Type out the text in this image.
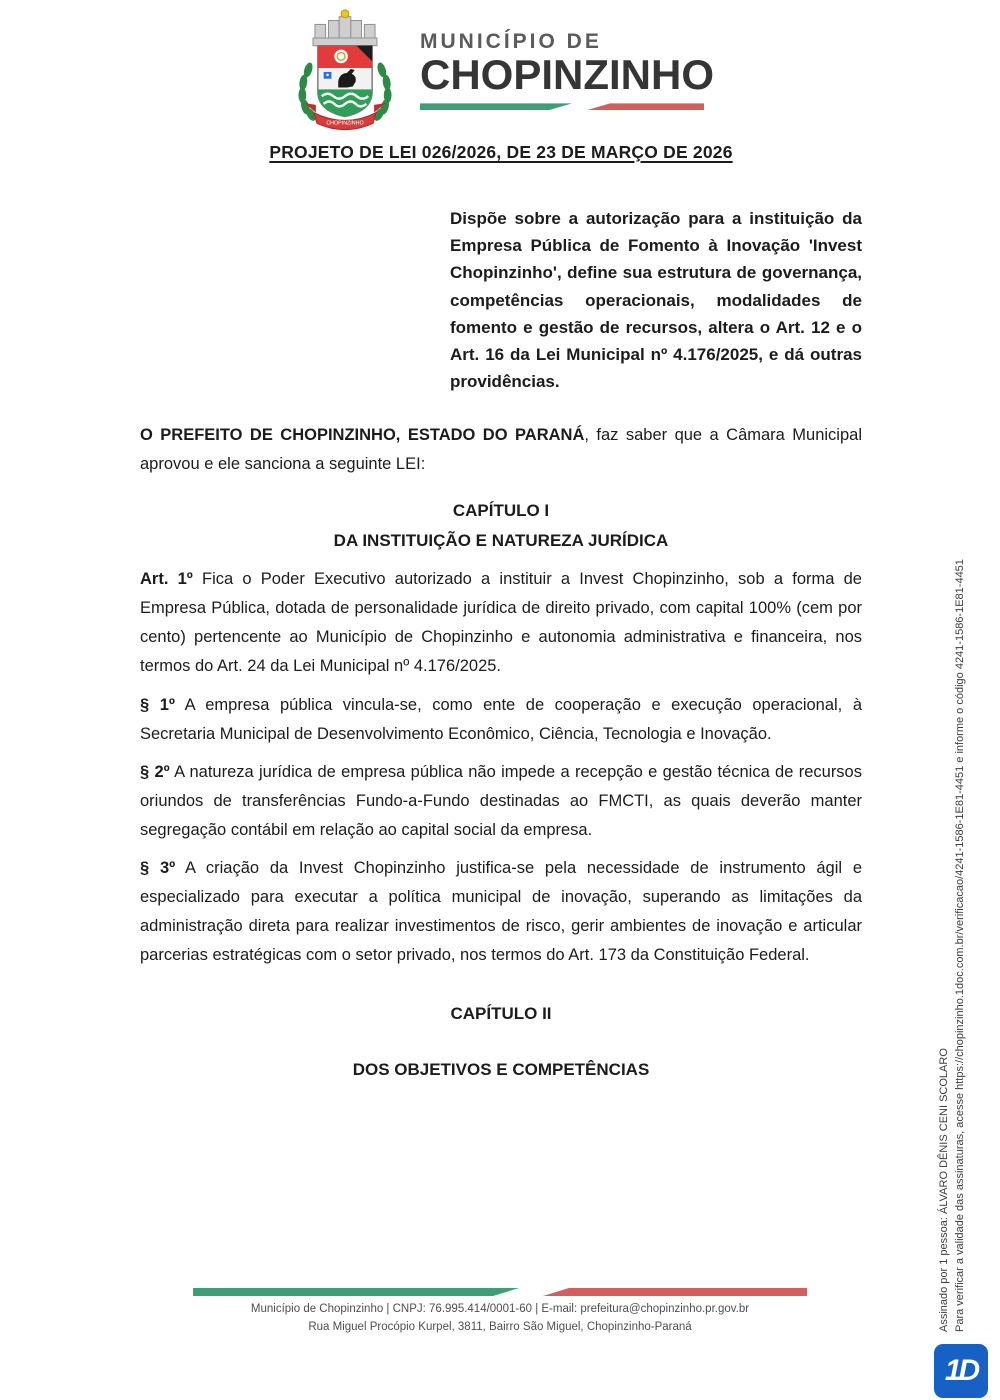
CHOPINZINHO
MUNICÍPIO DE
CHOPINZINHO
PROJETO DE LEI 026/2026, DE 23 DE MARÇO DE 2026

Dispõe sobre a autorização para a instituição da Empresa Pública de Fomento à Inovação 'Invest Chopinzinho', define sua estrutura de governança, competências operacionais, modalidades de fomento e gestão de recursos, altera o Art. 12 e o Art. 16 da Lei Municipal nº 4.176/2025, e dá outras providências.

O PREFEITO DE CHOPINZINHO, ESTADO DO PARANÁ, faz saber que a Câmara Municipal aprovou e ele sanciona a seguinte LEI:

CAPÍTULO I
DA INSTITUIÇÃO E NATUREZA JURÍDICA

Art. 1º Fica o Poder Executivo autorizado a instituir a Invest Chopinzinho, sob a forma de Empresa Pública, dotada de personalidade jurídica de direito privado, com capital 100% (cem por cento) pertencente ao Município de Chopinzinho e autonomia administrativa e financeira, nos termos do Art. 24 da Lei Municipal nº 4.176/2025.

§ 1º A empresa pública vincula-se, como ente de cooperação e execução operacional, à Secretaria Municipal de Desenvolvimento Econômico, Ciência, Tecnologia e Inovação.

§ 2º A natureza jurídica de empresa pública não impede a recepção e gestão técnica de recursos oriundos de transferências Fundo-a-Fundo destinadas ao FMCTI, as quais deverão manter segregação contábil em relação ao capital social da empresa.

§ 3º A criação da Invest Chopinzinho justifica-se pela necessidade de instrumento ágil e especializado para executar a política municipal de inovação, superando as limitações da administração direta para realizar investimentos de risco, gerir ambientes de inovação e articular parcerias estratégicas com o setor privado, nos termos do Art. 173 da Constituição Federal.

CAPÍTULO II
DOS OBJETIVOS E COMPETÊNCIAS
Município de Chopinzinho | CNPJ: 76.995.414/0001-60 | E-mail: prefeitura@chopinzinho.pr.gov.br
Rua Miguel Procópio Kurpel, 3811, Bairro São Miguel, Chopinzinho-Paraná	Assinado por 1 pessoa: ÁLVARO DÊNIS CENI SCOLARO Para verificar a validade das assinaturas, acesse https://chopinzinho.1doc.com.br/verificacao/4241-1586-1E81-4451 e informe o código 4241-1586-1E81-4451
1D
